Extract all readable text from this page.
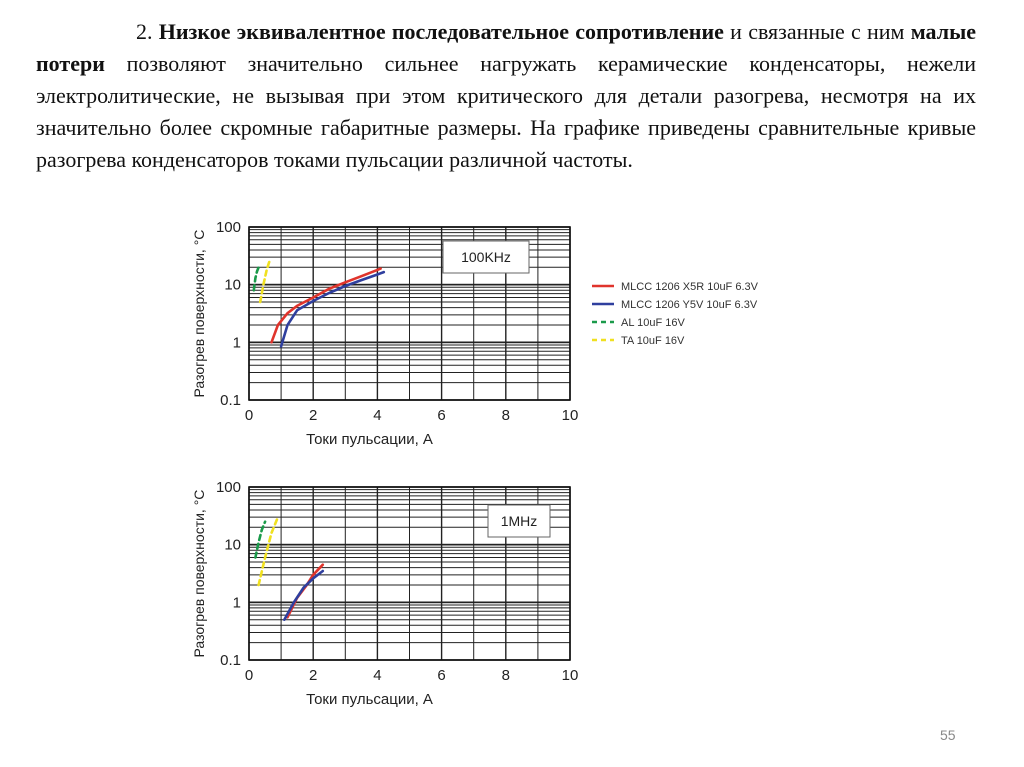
2. Низкое эквивалентное последовательное сопротивление и связанные с ним малые потери позволяют значительно сильнее нагружать керамические конденсаторы, нежели электролитические, не вызывая при этом критического для детали разогрева, несмотря на их значительно более скромные габаритные размеры. На графике приведены сравнительные кривые разогрева конденсаторов токами пульсации различной частоты.
0	2	4	6	8	10
0.1
1
10
100
Токи пульсации, А
Разогрев поверхности, °C	100KHz
MLCC 1206 X5R 10uF 6.3V
MLCC 1206 Y5V 10uF 6.3V
AL 10uF 16V
TA 10uF 16V
0	2	4	6	8	10
0.1
1
10
100
Токи пульсации, А
Разогрев поверхности, °C	1MHz
55
